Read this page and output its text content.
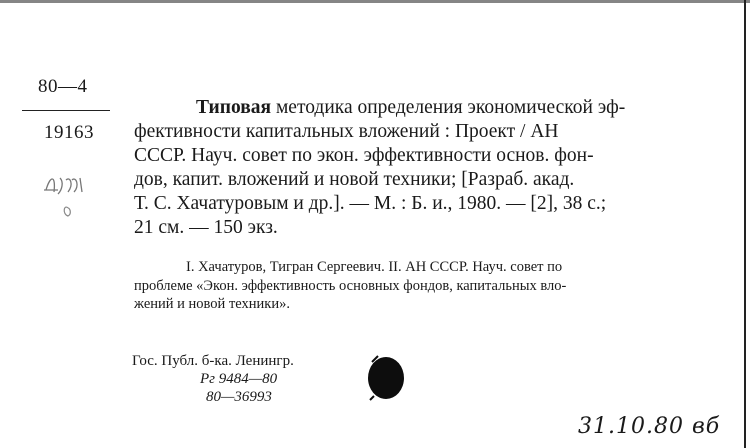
80—4
19163
Типовая методика определения экономической эф-
фективности капитальных вложений : Проект / АН
СССР. Науч. совет по экон. эффективности основ. фон-
дов, капит. вложений и новой техники; [Разраб. акад.
Т. С. Хачатуровым и др.]. — М. : Б. и., 1980. — [2], 38 с.;
21 см. — 150 экз.
I. Хачатуров, Тигран Сергеевич. II. АН СССР. Науч. совет по
проблеме «Экон. эффективность основных фондов, капитальных вло-
жений и новой техники».
Гос. Публ. б-ка. Ленингр.
Рг 9484—80
80—36993
31.10.80 вб
